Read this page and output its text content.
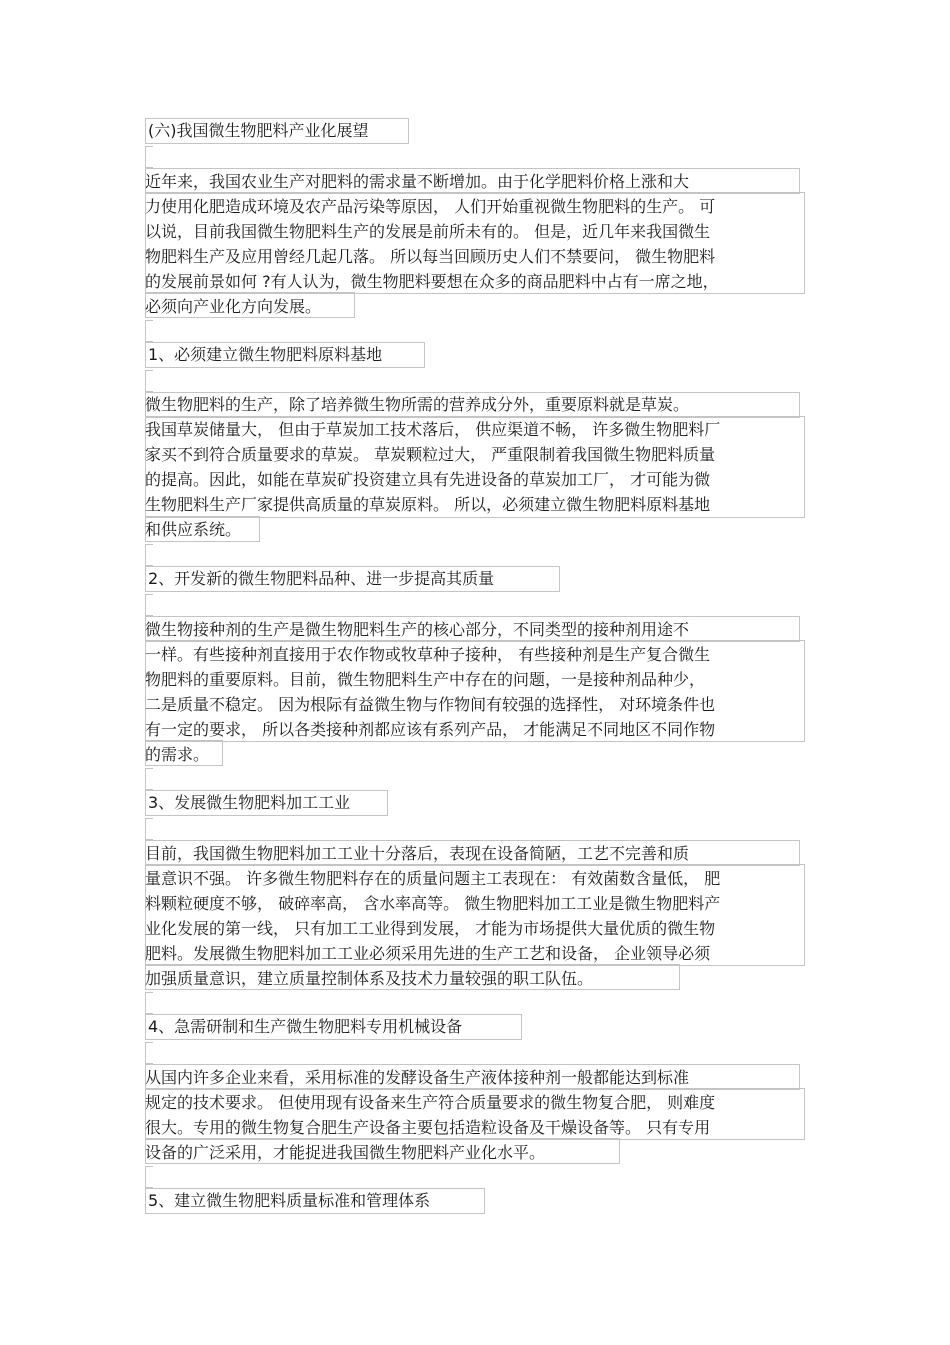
(六)我国微生物肥料产业化展望
近年来，我国农业生产对肥料的需求量不断增加。由于化学肥料价格上涨和大
力使用化肥造成环境及农产品污染等原因， 人们开始重视微生物肥料的生产。 可
以说，目前我国微生物肥料生产的发展是前所未有的。 但是，近几年来我国微生
物肥料生产及应用曾经几起几落。 所以每当回顾历史人们不禁要问， 微生物肥料
的发展前景如何 ?有人认为，微生物肥料要想在众多的商品肥料中占有一席之地，
必须向产业化方向发展。
1、必须建立微生物肥料原料基地
微生物肥料的生产，除了培养微生物所需的营养成分外，重要原料就是草炭。
我国草炭储量大， 但由于草炭加工技术落后， 供应渠道不畅， 许多微生物肥料厂
家买不到符合质量要求的草炭。 草炭颗粒过大， 严重限制着我国微生物肥料质量
的提高。因此，如能在草炭矿投资建立具有先进设备的草炭加工厂， 才可能为微
生物肥料生产厂家提供高质量的草炭原料。 所以，必须建立微生物肥料原料基地
和供应系统。
2、开发新的微生物肥料品种、进一步提高其质量
微生物接种剂的生产是微生物肥料生产的核心部分，不同类型的接种剂用途不
一样。有些接种剂直接用于农作物或牧草种子接种， 有些接种剂是生产复合微生
物肥料的重要原料。目前，微生物肥料生产中存在的问题，一是接种剂品种少，
二是质量不稳定。 因为根际有益微生物与作物间有较强的选择性， 对环境条件也
有一定的要求， 所以各类接种剂都应该有系列产品， 才能满足不同地区不同作物
的需求。
3、发展微生物肥料加工工业
目前，我国微生物肥料加工工业十分落后，表现在设备简陋，工艺不完善和质
量意识不强。 许多微生物肥料存在的质量问题主工表现在： 有效菌数含量低， 肥
料颗粒硬度不够， 破碎率高， 含水率高等。 微生物肥料加工工业是微生物肥料产
业化发展的第一线， 只有加工工业得到发展， 才能为市场提供大量优质的微生物
肥料。发展微生物肥料加工工业必须采用先进的生产工艺和设备， 企业领导必须
加强质量意识，建立质量控制体系及技术力量较强的职工队伍。
4、急需研制和生产微生物肥料专用机械设备
从国内许多企业来看，采用标准的发酵设备生产液体接种剂一般都能达到标准
规定的技术要求。 但使用现有设备来生产符合质量要求的微生物复合肥， 则难度
很大。专用的微生物复合肥生产设备主要包括造粒设备及干燥设备等。 只有专用
设备的广泛采用，才能捉进我国微生物肥料产业化水平。
5、建立微生物肥料质量标准和管理体系
